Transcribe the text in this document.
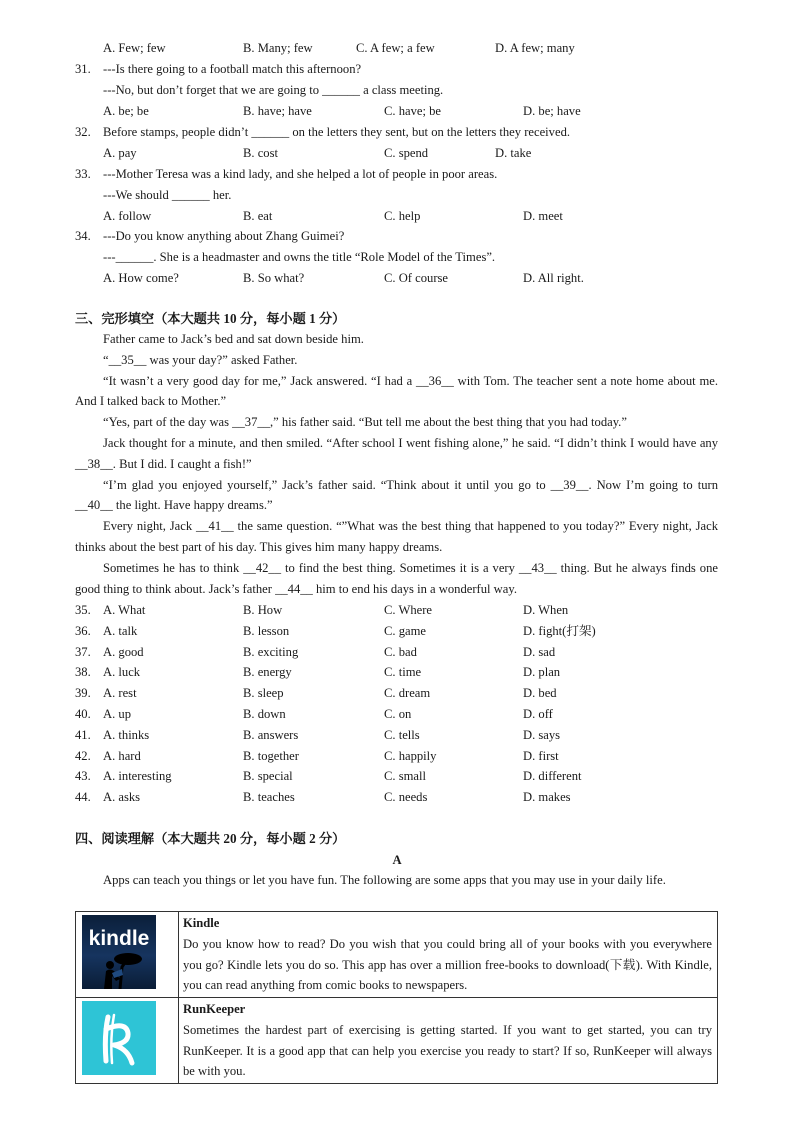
A. Few; few	B. Many; few	C. A few; a few	D. A few; many
31. ---Is there going to a football match this afternoon?
---No, but don’t forget that we are going to ______ a class meeting.
A. be; be	B. have; have	C. have; be	D. be; have
32. Before stamps, people didn’t ______ on the letters they sent, but on the letters they received.
A. pay	B. cost	C. spend	D. take
33. ---Mother Teresa was a kind lady, and she helped a lot of people in poor areas.
---We should ______ her.
A. follow	B. eat	C. help	D. meet
34. ---Do you know anything about Zhang Guimei?
---______. She is a headmaster and owns the title “Role Model of the Times”.
A. How come?	B. So what?	C. Of course	D. All right.
三、完形填空（本大题共 10 分，每小题 1 分）
Father came to Jack’s bed and sat down beside him.
“__35__ was your day?” asked Father.
“It wasn’t a very good day for me,” Jack answered. “I had a __36__ with Tom. The teacher sent a note home about me. And I talked back to Mother.”
“Yes, part of the day was __37__,” his father said. “But tell me about the best thing that you had today.”
Jack thought for a minute, and then smiled. “After school I went fishing alone,” he said. “I didn’t think I would have any __38__. But I did. I caught a fish!”
“I’m glad you enjoyed yourself,” Jack’s father said. “Think about it until you go to __39__. Now I’m going to turn __40__ the light. Have happy dreams.”
Every night, Jack __41__ the same question. “”What was the best thing that happened to you today?” Every night, Jack thinks about the best part of his day. This gives him many happy dreams.
Sometimes he has to think __42__ to find the best thing. Sometimes it is a very __43__ thing. But he always finds one good thing to think about. Jack’s father __44__ him to end his days in a wonderful way.
35. A. What	B. How	C. Where	D. When
36. A. talk	B. lesson	C. game	D. fight(打架)
37. A. good	B. exciting	C. bad	D. sad
38. A. luck	B. energy	C. time	D. plan
39. A. rest	B. sleep	C. dream	D. bed
40. A. up	B. down	C. on	D. off
41. A. thinks	B. answers	C. tells	D. says
42. A. hard	B. together	C. happily	D. first
43. A. interesting	B. special	C. small	D. different
44. A. asks	B. teaches	C. needs	D. makes
四、阅读理解（本大题共 20 分，每小题 2 分）
A
Apps can teach you things or let you have fun. The following are some apps that you may use in your daily life.
kindle	Kindle
Do you know how to read? Do you wish that you could bring all of your books with you everywhere you go? Kindle lets you do so. This app has over a million free-books to download(下载). With Kindle, you can read anything from comic books to newspapers.

RunKeeper
Sometimes the hardest part of exercising is getting started. If you want to get started, you can try RunKeeper. It is a good app that can help you exercise you ready to start? If so, RunKeeper will always be with you.
